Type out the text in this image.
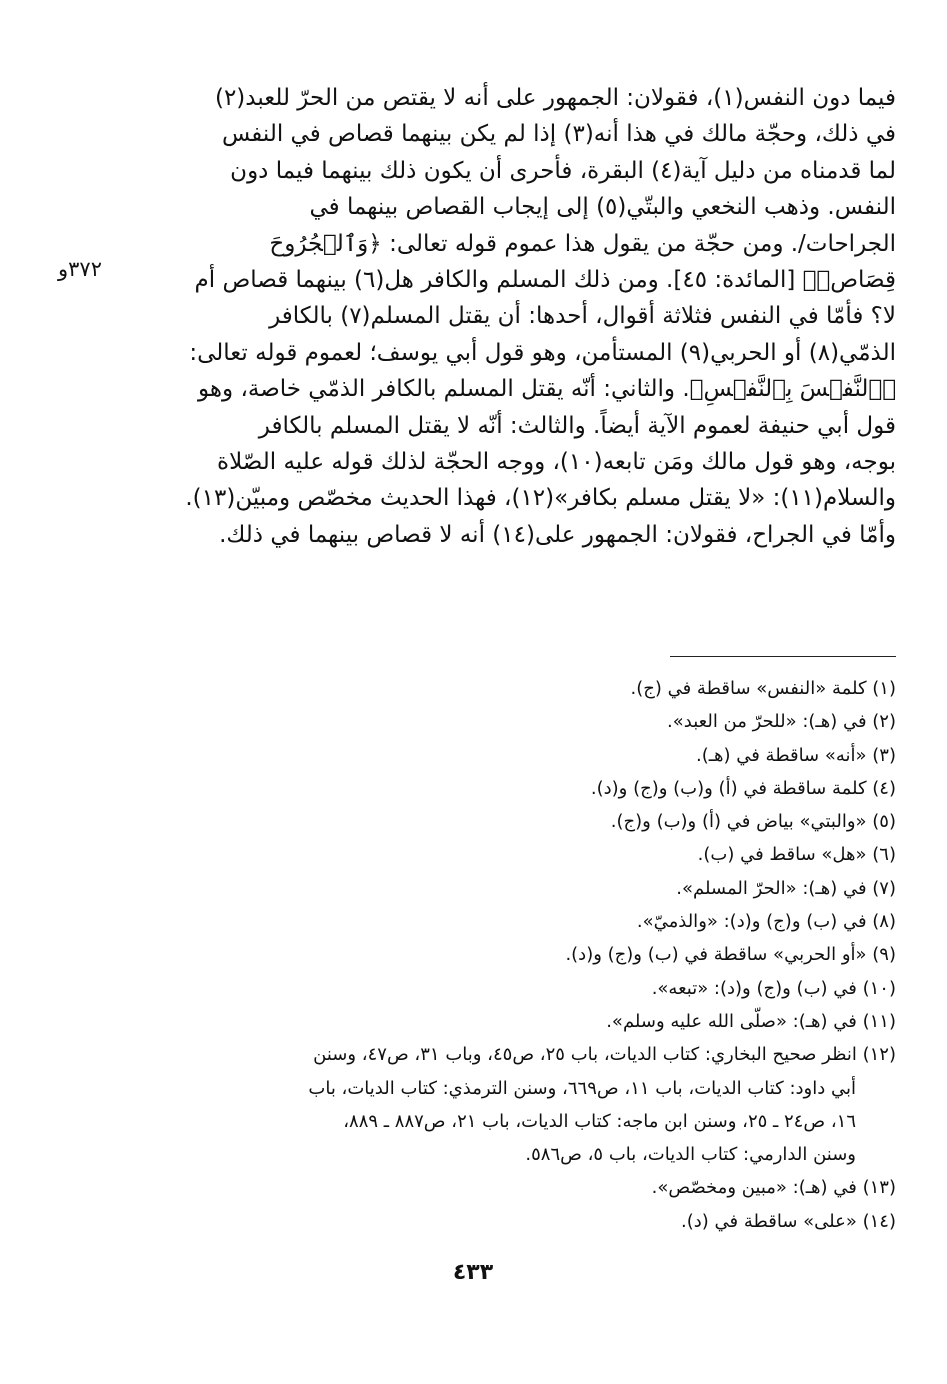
٣٧٢و
فيما دون النفس(١)، فقولان: الجمهور على أنه لا يقتص من الحرّ للعبد(٢)
في ذلك، وحجّة مالك في هذا أنه(٣) إذا لم يكن بينهما قصاص في النفس
لما قدمناه من دليل آية(٤) البقرة، فأحرى أن يكون ذلك بينهما فيما دون
النفس. وذهب النخعي والبتّي(٥) إلى إيجاب القصاص بينهما في
الجراحات/. ومن حجّة من يقول هذا عموم قوله تعالى: ﴿وَٱلۡجُرُوحَ
قِصَاصٞ﴾ [المائدة: ٤٥]. ومن ذلك المسلم والكافر هل(٦) بينهما قصاص أم
لا؟ فأمّا في النفس فثلاثة أقوال، أحدها: أن يقتل المسلم(٧) بالكافر
الذمّي(٨) أو الحربي(٩) المستأمن، وهو قول أبي يوسف؛ لعموم قوله تعالى:
﴿ٱلنَّفۡسَ بِٱلنَّفۡسِ﴾. والثاني: أنّه يقتل المسلم بالكافر الذمّي خاصة، وهو
قول أبي حنيفة لعموم الآية أيضاً. والثالث: أنّه لا يقتل المسلم بالكافر
بوجه، وهو قول مالك ومَن تابعه(١٠)، ووجه الحجّة لذلك قوله عليه الصّلاة
والسلام(١١): «لا يقتل مسلم بكافر»(١٢)، فهذا الحديث مخصّص ومبيّن(١٣).
وأمّا في الجراح، فقولان: الجمهور على(١٤) أنه لا قصاص بينهما في ذلك.
(١) كلمة «النفس» ساقطة في (ج).
(٢) في (هـ): «للحرّ من العبد».
(٣) «أنه» ساقطة في (هـ).
(٤) كلمة ساقطة في (أ) و(ب) و(ج) و(د).
(٥) «والبتي» بياض في (أ) و(ب) و(ج).
(٦) «هل» ساقط في (ب).
(٧) في (هـ): «الحرّ المسلم».
(٨) في (ب) و(ج) و(د): «والذميّ».
(٩) «أو الحربي» ساقطة في (ب) و(ج) و(د).
(١٠) في (ب) و(ج) و(د): «تبعه».
(١١) في (هـ): «صلّى الله عليه وسلم».
(١٢) انظر صحيح البخاري: كتاب الديات، باب ٢٥، ص٤٥، وباب ٣١، ص٤٧، وسنن
أبي داود: كتاب الديات، باب ١١، ص٦٦٩، وسنن الترمذي: كتاب الديات، باب
١٦، ص٢٤ ـ ٢٥، وسنن ابن ماجه: كتاب الديات، باب ٢١، ص٨٨٧ ـ ٨٨٩،
وسنن الدارمي: كتاب الديات، باب ٥، ص٥٨٦.
(١٣) في (هـ): «مبين ومخصّص».
(١٤) «على» ساقطة في (د).
٤٣٣
